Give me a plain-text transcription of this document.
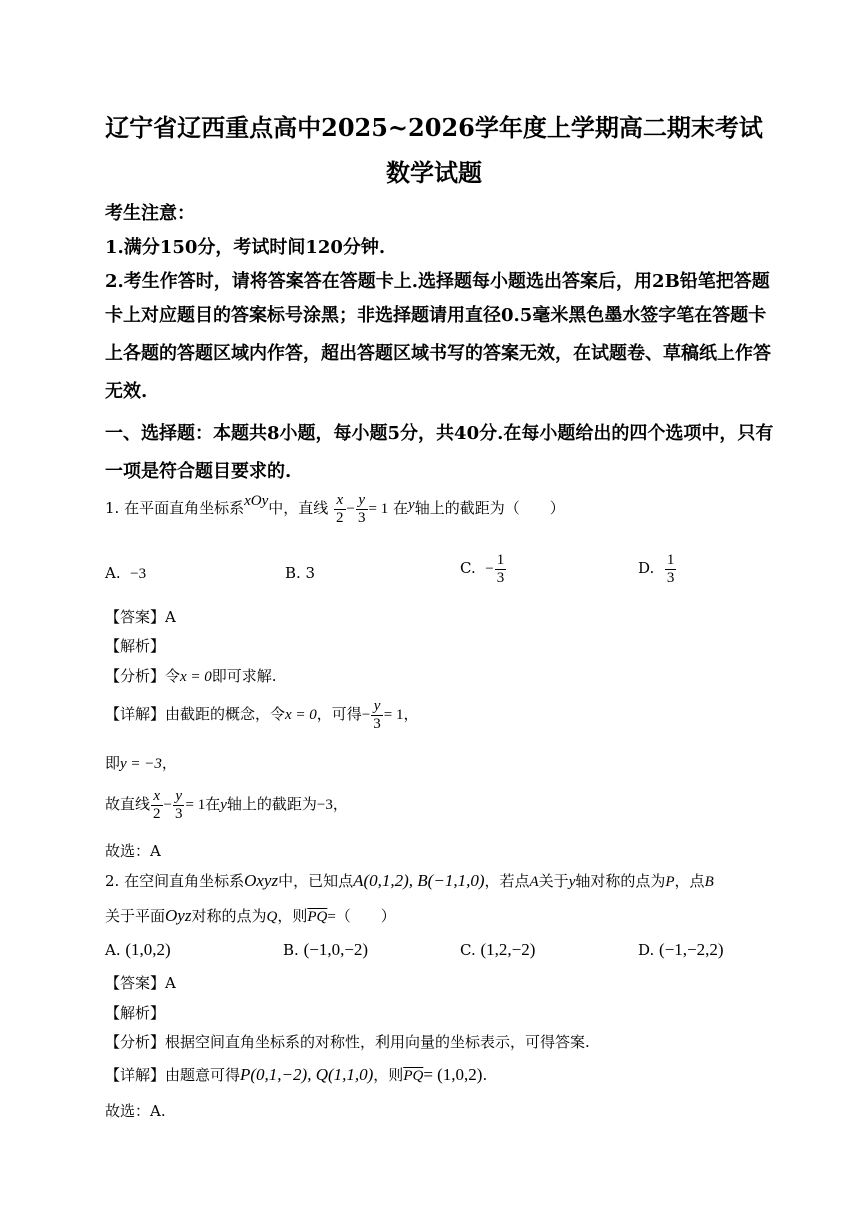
辽宁省辽西重点高中2025~2026学年度上学期高二期末考试
数学试题
考生注意：
1.满分150分，考试时间120分钟.
2.考生作答时，请将答案答在答题卡上.选择题每小题选出答案后，用2B铅笔把答题
卡上对应题目的答案标号涂黑；非选择题请用直径0.5毫米黑色墨水签字笔在答题卡
上各题的答题区域内作答，超出答题区域书写的答案无效，在试题卷、草稿纸上作答
无效.
一、选择题：本题共8小题，每小题5分，共40分.在每小题给出的四个选项中，只有
一项是符合题目要求的.
1. 在平面直角坐标系xOy中，直线 $\frac{x}{2} - \frac{y}{3} = 1$ 在y轴上的截距为（　　）
A. −3	B. 3	C. − $\frac{1}{3}$	D. $\frac{1}{3}$
【答案】A
【解析】
【分析】令x = 0即可求解.
【详解】由截距的概念，令x = 0，可得− $\frac{y}{3} = 1$，
即y = −3，
故直线 $\frac{x}{2} - \frac{y}{3} = 1$在y轴上的截距为−3，
故选：A
2. 在空间直角坐标系Oxyz中，已知点A(0,1,2), B(−1,1,0)，若点A关于y轴对称的点为P，点B
关于平面Oyz对称的点为Q，则$\overline{PQ}=$（　　）
A. (1,0,2)	B. (−1,0,−2)	C. (1,2,−2)	D. (−1,−2,2)
【答案】A
【解析】
【分析】根据空间直角坐标系的对称性，利用向量的坐标表示，可得答案.
【详解】由题意可得P(0,1,−2), Q(1,1,0)，则$\overline{PQ}= (1,0,2)$.
故选：A.
